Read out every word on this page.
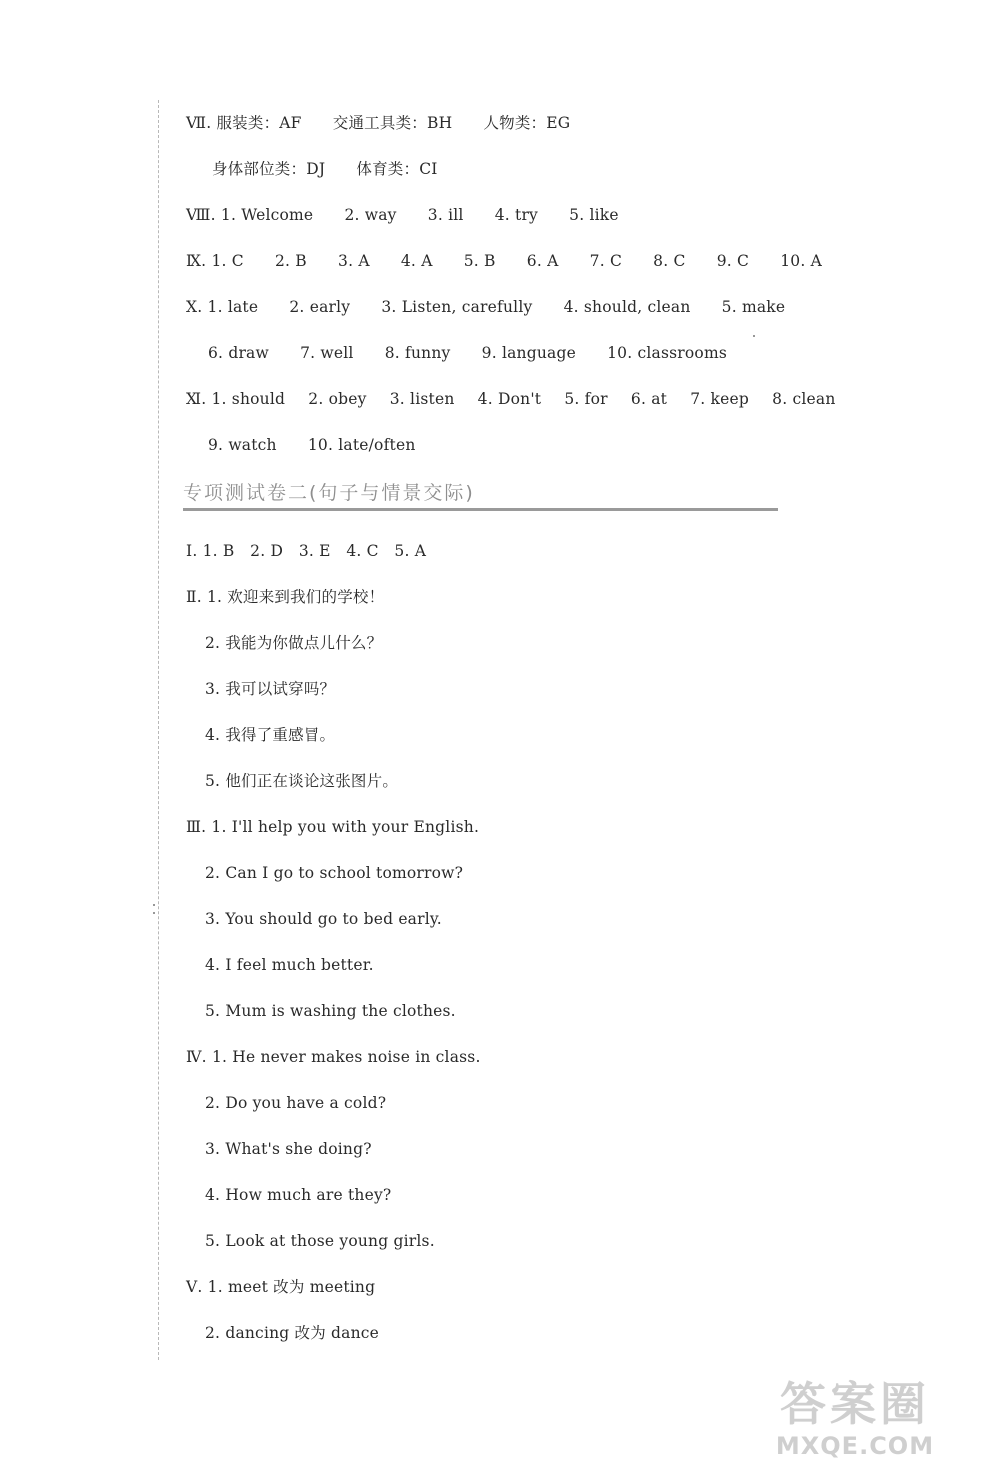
Ⅶ. 服装类：AF 交通工具类：BH 人物类：EG
身体部位类：DJ 体育类：CI
Ⅷ. 1. Welcome 2. way 3. ill 4. try 5. like
Ⅸ. 1. C 2. B 3. A 4. A 5. B 6. A 7. C 8. C 9. C 10. A
Ⅹ. 1. late 2. early 3. Listen, carefully 4. should, clean 5. make
6. draw 7. well 8. funny 9. language 10. classrooms
Ⅺ. 1. should 2. obey 3. listen 4. Don't 5. for 6. at 7. keep 8. clean
9. watch 10. late/often
专项测试卷二(句子与情景交际)
Ⅰ. 1. B　2. D　3. E　4. C　5. A
Ⅱ. 1. 欢迎来到我们的学校！
2. 我能为你做点儿什么？
3. 我可以试穿吗？
4. 我得了重感冒。
5. 他们正在谈论这张图片。
Ⅲ. 1. I'll help you with your English.
2. Can I go to school tomorrow?
3. You should go to bed early.
4. I feel much better.
5. Mum is washing the clothes.
Ⅳ. 1. He never makes noise in class.
2. Do you have a cold?
3. What's she doing?
4. How much are they?
5. Look at those young girls.
Ⅴ. 1. meet 改为 meeting
2. dancing 改为 dance
答案圈
MXQE.COM
